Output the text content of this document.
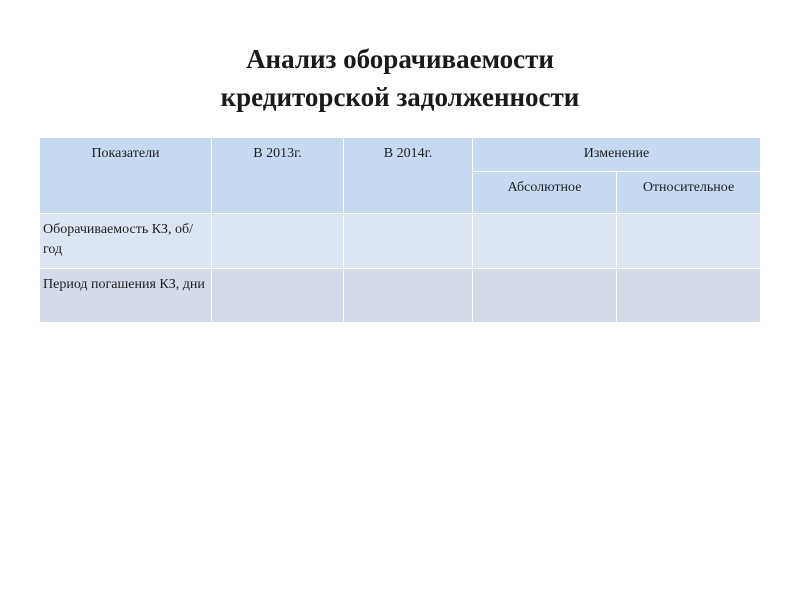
Анализ оборачиваемости
кредиторской задолженности
Показатели	В 2013г.	В 2014г.	Изменение	
			Абсолютное	Относительное
Оборачиваемость КЗ, об/год				
Период погашения КЗ, дни				
